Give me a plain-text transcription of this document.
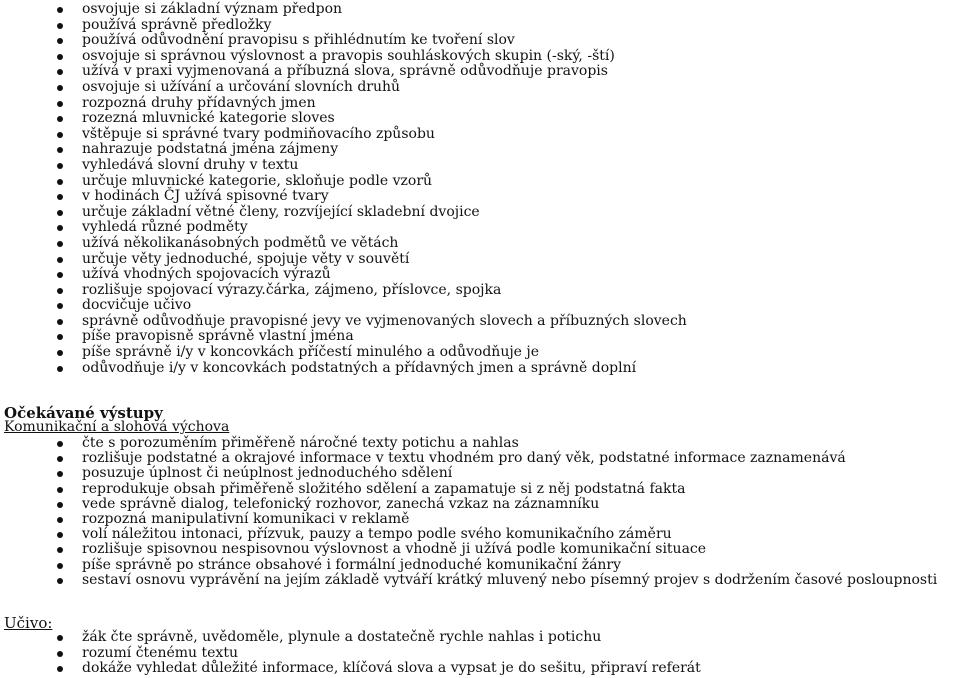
osvojuje si základní význam předpon
používá správně předložky
používá odůvodnění pravopisu s přihlédnutím ke tvoření slov
osvojuje si správnou výslovnost a pravopis souhláskových skupin (-ský, -ští)
užívá v praxi vyjmenovaná a příbuzná slova, správně odůvodňuje pravopis
osvojuje si užívání a určování slovních druhů
rozpozná druhy přídavných jmen
rozezná mluvnické kategorie sloves
vštěpuje si správné tvary podmiňovacího způsobu
nahrazuje podstatná jména zájmeny
vyhledává slovní druhy v textu
určuje mluvnické kategorie, skloňuje podle vzorů
v hodinách ČJ užívá spisovné tvary
určuje základní větné členy, rozvíjející skladební dvojice
vyhledá různé podměty
užívá několikanásobných podmětů ve větách
určuje věty jednoduché, spojuje věty v souvětí
užívá vhodných spojovacích výrazů
rozlišuje spojovací výrazy.čárka, zájmeno, příslovce, spojka
docvičuje učivo
správně odůvodňuje pravopisné jevy ve vyjmenovaných slovech a příbuzných slovech
píše pravopisně správně vlastní jména
píše správně i/y v koncovkách příčestí minulého a odůvodňuje je
odůvodňuje i/y v koncovkách podstatných a přídavných jmen a správně doplní
Očekávané výstupy
Komunikační a slohová výchova
čte s porozuměním přiměřeně náročné texty potichu a nahlas
rozlišuje podstatné a okrajové informace v textu vhodném pro daný věk, podstatné informace zaznamenává
posuzuje úplnost či neúplnost jednoduchého sdělení
reprodukuje obsah přiměřeně složitého sdělení a zapamatuje si z něj podstatná fakta
vede správně dialog, telefonický rozhovor, zanechá vzkaz na záznamníku
rozpozná manipulativní komunikaci v reklamě
volí náležitou intonaci, přízvuk, pauzy a tempo podle svého komunikačního záměru
rozlišuje spisovnou nespisovnou výslovnost a vhodně ji užívá podle komunikační situace
píše správně po stránce obsahové i formální jednoduché komunikační žánry
sestaví osnovu vyprávění na jejím základě vytváří krátký mluvený nebo písemný projev s dodržením časové posloupnosti
Učivo:
žák čte správně, uvědoměle, plynule a dostatečně rychle nahlas i potichu
rozumí čtenému textu
dokáže vyhledat důležité informace, klíčová slova a vypsat je do sešitu, připraví referát
